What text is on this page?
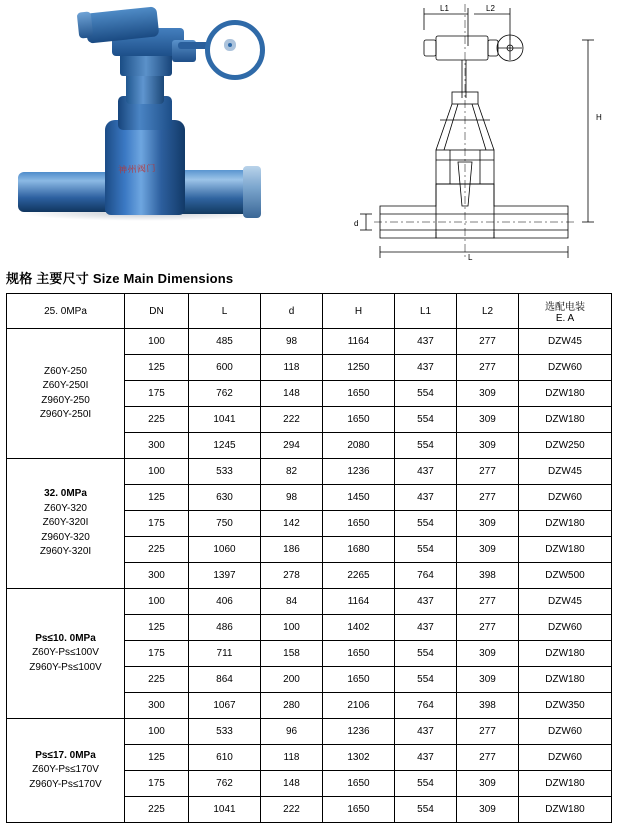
神州阀门
L1	L2
H
d
L
规格 主要尺寸 Size Main Dimensions
25. 0MPa	DN	L	d	H	L1	L2	选配电装
E. A

Z60Y-250
Z60Y-250I
Z960Y-250
Z960Y-250I	100	485	98	1164	437	277	DZW45
	125	600	118	1250	437	277	DZW60
	175	762	148	1650	554	309	DZW180
	225	1041	222	1650	554	309	DZW180
	300	1245	294	2080	554	309	DZW250

32. 0MPa
Z60Y-320
Z60Y-320I
Z960Y-320
Z960Y-320I	100	533	82	1236	437	277	DZW45
	125	630	98	1450	437	277	DZW60
	175	750	142	1650	554	309	DZW180
	225	1060	186	1680	554	309	DZW180
	300	1397	278	2265	764	398	DZW500

Ps≤10. 0MPa
Z60Y-Ps≤100V
Z960Y-Ps≤100V	100	406	84	1164	437	277	DZW45
	125	486	100	1402	437	277	DZW60
	175	711	158	1650	554	309	DZW180
	225	864	200	1650	554	309	DZW180
	300	1067	280	2106	764	398	DZW350

Ps≤17. 0MPa
Z60Y-Ps≤170V
Z960Y-Ps≤170V	100	533	96	1236	437	277	DZW60
	125	610	118	1302	437	277	DZW60
	175	762	148	1650	554	309	DZW180
	225	1041	222	1650	554	309	DZW180
